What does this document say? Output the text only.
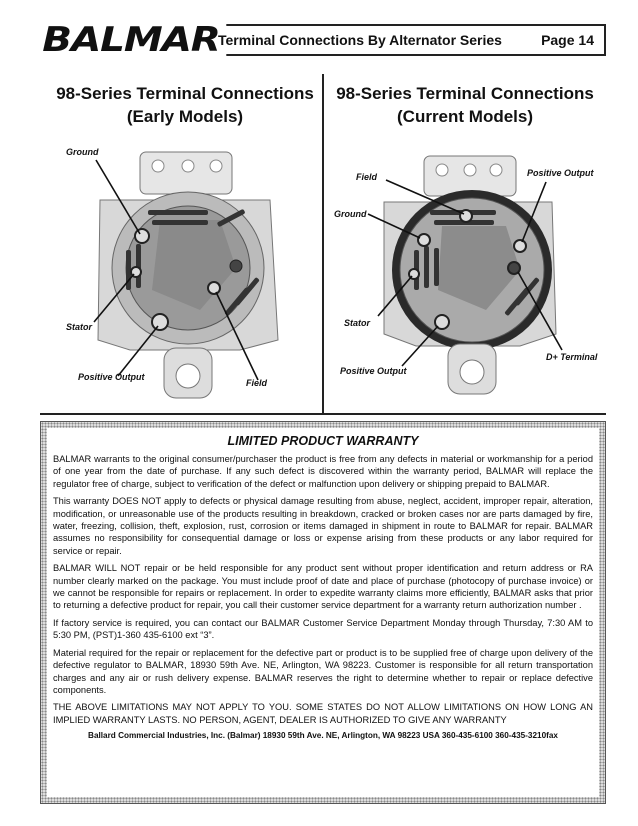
BALMAR
Terminal Connections By Alternator Series	Page 14
98-Series Terminal Connections
(Early Models)
98-Series Terminal Connections
(Current Models)
Ground
Stator
Positive Output
Field
Field	Positive Output
Ground
Stator
D+ Terminal
Positive Output
LIMITED PRODUCT WARRANTY

BALMAR warrants to the original consumer/purchaser the product is free from any defects in material or workmanship for a period of one year from the date of purchase. If any such defect is discovered within the warranty period, BALMAR will replace the regulator free of charge, subject to verification of the defect or malfunction upon delivery or shipping prepaid to BALMAR.

This warranty DOES NOT apply to defects or physical damage resulting from abuse, neglect, accident, improper repair, alteration, modification, or unreasonable use of the products resulting in breakdown, cracked or broken cases nor are parts damaged by fire, water, freezing, collision, theft, explosion, rust, corrosion or items damaged in shipment in route to BALMAR for repair. BALMAR assumes no responsibility for consequential damage or loss or expense arising from these products or any labor required for service or repair.

BALMAR WILL NOT repair or be held responsible for any product sent without proper identification and return address or RA number clearly marked on the package. You must include proof of date and place of purchase (photocopy of purchase invoice) or we cannot be responsible for repairs or replacement. In order to expedite warranty claims more efficiently, BALMAR asks that prior to returning a defective product for repair, you call their customer service department for a warranty return authorization number .

If factory service is required, you can contact our BALMAR Customer Service Department Monday through Thursday, 7:30 AM to 5:30 PM, (PST)1-360 435-6100 ext “3”.

Material required for the repair or replacement for the defective part or product is to be supplied free of charge upon delivery of the defective regulator to BALMAR, 18930 59th Ave. NE, Arlington, WA 98223. Customer is responsible for all return transportation charges and any air or rush delivery expense. BALMAR reserves the right to determine whether to repair or replace defective components.

THE ABOVE LIMITATIONS MAY NOT APPLY TO YOU. SOME STATES DO NOT ALLOW LIMITATIONS ON HOW LONG AN IMPLIED WARRANTY LASTS. NO PERSON, AGENT, DEALER IS AUTHORIZED TO GIVE ANY WARRANTY

Ballard Commercial Industries, Inc. (Balmar) 18930 59th Ave. NE, Arlington, WA 98223 USA 360-435-6100 360-435-3210fax
